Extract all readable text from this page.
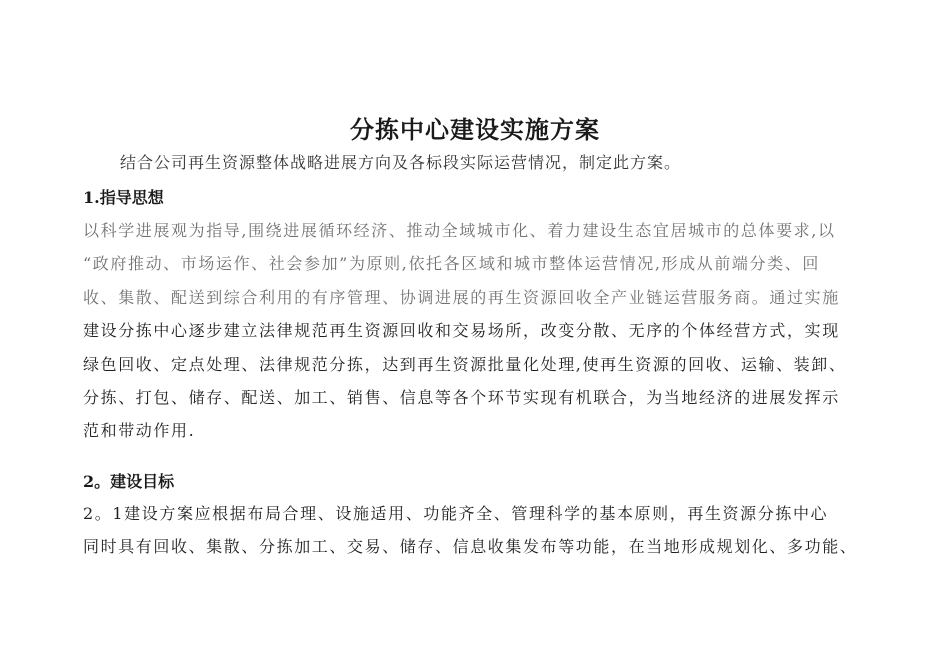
分拣中心建设实施方案
结合公司再生资源整体战略进展方向及各标段实际运营情况，制定此方案。
1.指导思想
以科学进展观为指导,围绕进展循环经济、推动全域城市化、着力建设生态宜居城市的总体要求,以
“政府推动、市场运作、社会参加”为原则,依托各区域和城市整体运营情况,形成从前端分类、回
收、集散、配送到综合利用的有序管理、协调进展的再生资源回收全产业链运营服务商。通过实施
建设分拣中心逐步建立法律规范再生资源回收和交易场所，改变分散、无序的个体经营方式，实现
绿色回收、定点处理、法律规范分拣，达到再生资源批量化处理,使再生资源的回收、运输、装卸、
分拣、打包、储存、配送、加工、销售、信息等各个环节实现有机联合，为当地经济的进展发挥示
范和带动作用.
2。建设目标
2。1建设方案应根据布局合理、设施适用、功能齐全、管理科学的基本原则，再生资源分拣中心
同时具有回收、集散、分拣加工、交易、储存、信息收集发布等功能，在当地形成规划化、多功能、
